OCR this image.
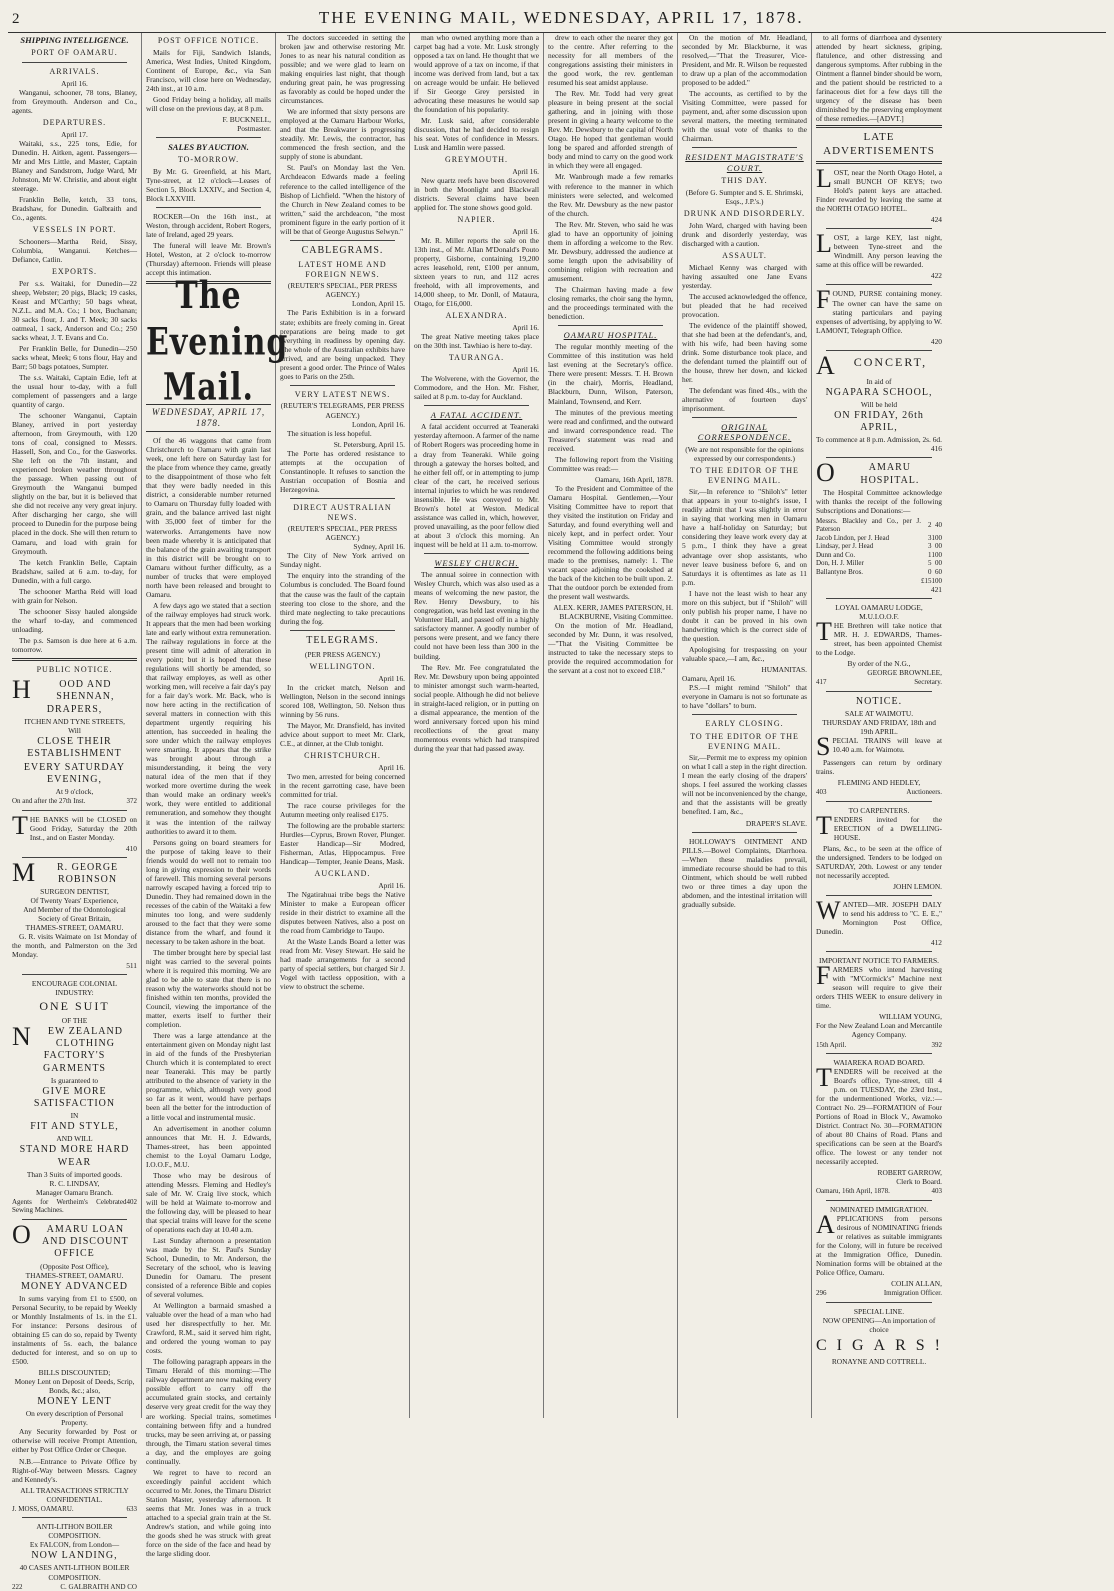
2	THE EVENING MAIL, WEDNESDAY, APRIL 17, 1878.
SHIPPING INTELLIGENCE.
PORT OF OAMARU.
ARRIVALS.
April 16.

Wanganui, schooner, 78 tons, Blaney, from Greymouth. Anderson and Co., agents.

DEPARTURES.
April 17.

Waitaki, s.s., 225 tons, Edie, for Dunedin. H. Aitken, agent. Passengers—Mr and Mrs Little, and Master, Captain Blaney and Sandstrom, Judge Ward, Mr Johnston, Mr W. Christie, and about eight steerage.

Franklin Belle, ketch, 33 tons, Bradshaw, for Dunedin. Galbraith and Co., agents.

VESSELS IN PORT.

Schooners—Martha Reid, Sissy, Columbia, Wanganui. Ketches—Defiance, Catlin.

EXPORTS.

Per s.s. Waitaki, for Dunedin—22 sheep, Webster; 20 pigs, Black; 19 casks, Keast and M'Carthy; 50 bags wheat, N.Z.L. and M.A. Co.; 1 box, Buchanan; 30 sacks flour, J. and T. Meek; 30 sacks oatmeal, 1 sack, Anderson and Co.; 250 sacks wheat, J. T. Evans and Co.

Per Franklin Belle, for Dunedin—250 sacks wheat, Meek; 6 tons flour, Hay and Barr; 50 bags potatoes, Sumpter.

The s.s. Waitaki, Captain Edie, left at the usual hour to-day, with a full complement of passengers and a large quantity of cargo.

The schooner Wanganui, Captain Blaney, arrived in port yesterday afternoon, from Greymouth, with 120 tons of coal, consigned to Messrs. Hassell, Son, and Co., for the Gasworks. She left on the 7th instant, and experienced broken weather throughout the passage. When passing out of Greymouth the Wanganui bumped slightly on the bar, but it is believed that she did not receive any very great injury. After discharging her cargo, she will proceed to Dunedin for the purpose being placed in the dock. She will then return to Oamaru, and load with grain for Greymouth.

The ketch Franklin Belle, Captain Bradshaw, sailed at 6 a.m. to-day, for Dunedin, with a full cargo.

The schooner Martha Reid will load with grain for Nelson.

The schooner Sissy hauled alongside the wharf to-day, and commenced unloading.

The p.s. Samson is due here at 6 a.m. tomorrow.

PUBLIC NOTICE.
H	OOD AND SHENNAN,
DRAPERS,
ITCHEN AND TYNE STREETS,
Will
CLOSE THEIR ESTABLISHMENT
EVERY SATURDAY EVENING,
At 9 o'clock,
On and after the 27th Inst.	372

THE BANKS will be CLOSED on Good Friday, Saturday the 20th Inst., and on Easter Monday.

410
M R. GEORGE ROBINSON
SURGEON DENTIST,
Of Twenty Years' Experience,
And Member of the Odontological Society of Great Britain,
THAMES-STREET, OAMARU.

G. R. visits Waimate on 1st Monday of the month, and Palmerston on the 3rd Monday.

511
ENCOURAGE COLONIAL INDUSTRY:
ONE SUIT
OF THE
N EW ZEALAND CLOTHING FACTORY'S GARMENTS
Is guaranteed to
GIVE MORE SATISFACTION
IN
FIT AND STYLE,
AND WILL
STAND MORE HARD WEAR
Than 3 Suits of imported goods.
R. C. LINDSAY,
Manager Oamaru Branch.
Agents for Wertheim's Celebrated Sewing Machines.
402
O AMARU LOAN AND DISCOUNT OFFICE
(Opposite Post Office),
THAMES-STREET, OAMARU.
MONEY ADVANCED

In sums varying from £1 to £500, on Personal Security, to be repaid by Weekly or Monthly Instalments of 1s. in the £1. For instance: Persons desirous of obtaining £5 can do so, repaid by Twenty instalments of 5s. each, the balance deducted for interest, and so on up to £500.

BILLS DISCOUNTED;
Money Lent on Deposit of Deeds, Scrip, Bonds, &c.; also,
MONEY LENT
On every description of Personal Property.

Any Security forwarded by Post or otherwise will receive Prompt Attention, either by Post Office Order or Cheque.

N.B.—Entrance to Private Office by Right-of-Way between Messrs. Cagney and Kennedy's.

ALL TRANSACTIONS STRICTLY CONFIDENTIAL.
J. MOSS, OAMARU.	633
ANTI-LITHON BOILER COMPOSITION.
Ex FALCON, from London—
NOW LANDING,
40 CASES ANTI-LITHON BOILER COMPOSITION.
222	C. GALBRAITH AND CO
POST OFFICE NOTICE.

Mails for Fiji, Sandwich Islands, America, West Indies, United Kingdom, Continent of Europe, &c., via San Francisco, will close here on Wednesday, 24th inst., at 10 a.m.

Good Friday being a holiday, all mails will close on the previous day, at 8 p.m.

F. BUCKNELL,
Postmaster.
SALES BY AUCTION.
TO-MORROW.

By Mr. G. Greenfield, at his Mart, Tyne-street, at 12 o'clock—Leases of Section 5, Block LXXIV., and Section 4, Block LXXVIII.

ROCKER—On the 16th inst., at Weston, through accident, Robert Rogers, late of Ireland, aged 29 years.

The funeral will leave Mr. Brown's Hotel, Weston, at 2 o'clock to-morrow (Thursday) afternoon. Friends will please accept this intimation.

The Evening Mail.
WEDNESDAY, APRIL 17, 1878.

Of the 46 waggons that came from Christchurch to Oamaru with grain last week, one left here on Saturday last for the place from whence they came, greatly to the disappointment of those who felt that they were badly needed in this district, a considerable number returned to Oamaru on Thursday fully loaded with grain, and the balance arrived last night with 35,000 feet of timber for the waterworks. Arrangements have now been made whereby it is anticipated that the balance of the grain awaiting transport in this district will be brought on to Oamaru without further difficulty, as a number of trucks that were employed north have been released and brought to Oamaru.

A few days ago we stated that a section of the railway employes had struck work. It appears that the men had been working late and early without extra remuneration. The railway regulations in force at the present time will admit of alteration in every point; but it is hoped that these regulations will shortly be amended, so that railway employes, as well as other working men, will receive a fair day's pay for a fair day's work. Mr. Back, who is now here acting in the rectification of several matters in connection with this department urgently requiring his attention, has succeeded in healing the sore under which the railway employes were smarting. It appears that the strike was brought about through a misunderstanding, it being the very natural idea of the men that if they worked more overtime during the week than would make an ordinary week's work, they were entitled to additional remuneration, and somehow they thought it was the intention of the railway authorities to award it to them.

Persons going on board steamers for the purpose of taking leave to their friends would do well not to remain too long in giving expression to their words of farewell. This morning several persons narrowly escaped having a forced trip to Dunedin. They had remained down in the recesses of the cabin of the Waitaki a few minutes too long, and were suddenly aroused to the fact that they were some distance from the wharf, and found it necessary to be taken ashore in the boat.

The timber brought here by special last night was carried to the several points where it is required this morning. We are glad to be able to state that there is no reason why the waterworks should not be finished within ten months, provided the Council, viewing the importance of the matter, exerts itself to further their completion.

There was a large attendance at the entertainment given on Monday night last in aid of the funds of the Presbyterian Church which it is contemplated to erect near Teaneraki. This may be partly attributed to the absence of variety in the programme, which, although very good so far as it went, would have perhaps been all the better for the introduction of a little vocal and instrumental music.

An advertisement in another column announces that Mr. H. J. Edwards, Thames-street, has been appointed chemist to the Loyal Oamaru Lodge, I.O.O.F., M.U.

Those who may be desirous of attending Messrs. Fleming and Hedley's sale of Mr. W. Craig live stock, which will be held at Waimate to-morrow and the following day, will be pleased to hear that special trains will leave for the scene of operations each day at 10.40 a.m.

Last Sunday afternoon a presentation was made by the St. Paul's Sunday School, Dunedin, to Mr. Anderson, the Secretary of the school, who is leaving Dunedin for Oamaru. The present consisted of a reference Bible and copies of several volumes.

At Wellington a barmaid smashed a valuable over the head of a man who had used her disrespectfully to her. Mr. Crawford, R.M., said it served him right, and ordered the young woman to pay costs.

The following paragraph appears in the Timaru Herald of this morning:—The railway department are now making every possible effort to carry off the accumulated grain stocks, and certainly deserve very great credit for the way they are working. Special trains, sometimes containing between fifty and a hundred trucks, may be seen arriving at, or passing through, the Timaru station several times a day, and the employes are going continually.

We regret to have to record an exceedingly painful accident which occurred to Mr. Jones, the Timaru District Station Master, yesterday afternoon. It seems that Mr. Jones was in a truck attached to a special grain train at the St. Andrew's station, and while going into the goods shed he was struck with great force on the side of the face and head by the large sliding door.

The doctors succeeded in setting the broken jaw and otherwise restoring Mr. Jones to as near his natural condition as possible; and we were glad to learn on making enquiries last night, that though enduring great pain, he was progressing as favorably as could be hoped under the circumstances.

We are informed that sixty persons are employed at the Oamaru Harbour Works, and that the Breakwater is progressing steadily. Mr. Lewis, the contractor, has commenced the fresh section, and the supply of stone is abundant.

St. Paul's on Monday last the Ven. Archdeacon Edwards made a feeling reference to the called intelligence of the Bishop of Lichfield. "When the history of the Church in New Zealand comes to be written," said the archdeacon, "the most prominent figure in the early portion of it will be that of George Augustus Selwyn."

CABLEGRAMS.
LATEST HOME AND FOREIGN NEWS.
(REUTER'S SPECIAL, PER PRESS AGENCY.)
London, April 15.

The Paris Exhibition is in a forward state; exhibits are freely coming in. Great preparations are being made to get everything in readiness by opening day. The whole of the Australian exhibits have arrived, and are being unpacked. They present a good order. The Prince of Wales goes to Paris on the 25th.

VERY LATEST NEWS.
(REUTER'S TELEGRAMS, PER PRESS AGENCY.)
London, April 16.

The situation is less hopeful.

St. Petersburg, April 15.

The Porte has ordered resistance to attempts at the occupation of Constantinople. It refuses to sanction the Austrian occupation of Bosnia and Herzegovina.

DIRECT AUSTRALIAN NEWS.
(REUTER'S SPECIAL, PER PRESS AGENCY.)
Sydney, April 16.

The City of New York arrived on Sunday night.

The enquiry into the stranding of the Columbus is concluded. The Board found that the cause was the fault of the captain steering too close to the shore, and the third mate neglecting to take precautions during the fog.

TELEGRAMS.
(PER PRESS AGENCY.)
WELLINGTON.
April 16.

In the cricket match, Nelson and Wellington, Nelson in the second innings scored 108, Wellington, 50. Nelson thus winning by 56 runs.

The Mayor, Mr. Dransfield, has invited advice about support to meet Mr. Clark, C.E., at dinner, at the Club tonight.

CHRISTCHURCH.
April 16.

Two men, arrested for being concerned in the recent garrotting case, have been committed for trial.

The race course privileges for the Autumn meeting only realised £175.

The following are the probable starters: Hurdles—Cyprus, Brown Rover, Plunger. Easter Handicap—Sir Modred, Fisherman, Atlas, Hippocampus. Free Handicap—Tempter, Jeanie Deans, Mask.

AUCKLAND.
April 16.

The Ngatirahuai tribe begs the Native Minister to make a European officer reside in their district to examine all the disputes between Natives, also a post on the road from Cambridge to Taupo.

At the Waste Lands Board a letter was read from Mr. Vesey Stewart. He said he had made arrangements for a second party of special settlers, but charged Sir J. Vogel with tactless opposition, with a view to obstruct the scheme.

man who owned anything more than a carpet bag had a vote. Mr. Lusk strongly opposed a tax on land. He thought that we would approve of a tax on income, if that income was derived from land, but a tax on acreage would be unfair. He believed if Sir George Grey persisted in advocating these measures he would sap the foundation of his popularity.

Mr. Lusk said, after considerable discussion, that he had decided to resign his seat. Votes of confidence in Messrs. Lusk and Hamlin were passed.

GREYMOUTH.
April 16.

New quartz reefs have been discovered in both the Moonlight and Blackwall districts. Several claims have been applied for. The stone shows good gold.

NAPIER.
April 16.

Mr. R. Miller reports the sale on the 13th inst., of Mr. Allan M'Donald's Pouto property, Gisborne, containing 19,200 acres leasehold, rent, £100 per annum, sixteen years to run, and 112 acres freehold, with all improvements, and 14,000 sheep, to Mr. Donll, of Mataura, Otago, for £16,000.

ALEXANDRA.
April 16.

The great Native meeting takes place on the 30th inst. Tawhiao is here to-day.

TAURANGA.
April 16.

The Wolverene, with the Governor, the Commodore, and the Hon. Mr. Fisher, sailed at 8 p.m. to-day for Auckland.

A FATAL ACCIDENT.

A fatal accident occurred at Teaneraki yesterday afternoon. A farmer of the name of Robert Rogers was proceeding home in a dray from Teaneraki. While going through a gateway the horses bolted, and he either fell off, or in attempting to jump clear of the cart, he received serious internal injuries to which he was rendered insensible. He was conveyed to Mr. Brown's hotel at Weston. Medical assistance was called in, which, however, proved unavailing, as the poor fellow died at about 3 o'clock this morning. An inquest will be held at 11 a.m. to-morrow.

WESLEY CHURCH.

The annual soiree in connection with Wesley Church, which was also used as a means of welcoming the new pastor, the Rev. Henry Dewsbury, to his congregation, was held last evening in the Volunteer Hall, and passed off in a highly satisfactory manner. A goodly number of persons were present, and we fancy there could not have been less than 300 in the building.

The Rev. Mr. Fee congratulated the Rev. Mr. Dewsbury upon being appointed to minister amongst such warm-hearted, social people. Although he did not believe in straight-laced religion, or in putting on a dismal appearance, the mention of the word anniversary forced upon his mind recollections of the great many momentous events which had transpired during the year that had passed away.

drew to each other the nearer they got to the centre. After referring to the necessity for all members of the congregations assisting their ministers in the good work, the rev. gentleman resumed his seat amidst applause.

The Rev. Mr. Todd had very great pleasure in being present at the social gathering, and in joining with those present in giving a hearty welcome to the Rev. Mr. Dewsbury to the capital of North Otago. He hoped that gentleman would long be spared and afforded strength of body and mind to carry on the good work in which they were all engaged.

Mr. Wanbrough made a few remarks with reference to the manner in which ministers were selected, and welcomed the Rev. Mr. Dewsbury as the new pastor of the church.

The Rev. Mr. Steven, who said he was glad to have an opportunity of joining them in affording a welcome to the Rev. Mr. Dewsbury, addressed the audience at some length upon the advisability of combining religion with recreation and amusement.

The Chairman having made a few closing remarks, the choir sang the hymn, and the proceedings terminated with the benediction.

OAMARU HOSPITAL.

The regular monthly meeting of the Committee of this institution was held last evening at the Secretary's office. There were present: Messrs. T. H. Brown (in the chair), Morris, Headland, Blackburn, Dunn, Wilson, Paterson, Mainland, Townsend, and Kerr.

The minutes of the previous meeting were read and confirmed, and the outward and inward correspondence read. The Treasurer's statement was read and received.

The following report from the Visiting Committee was read:—

Oamaru, 16th April, 1878.

To the President and Committee of the Oamaru Hospital. Gentlemen,—Your Visiting Committee have to report that they visited the institution on Friday and Saturday, and found everything well and nicely kept, and in perfect order. Your Visiting Committee would strongly recommend the following additions being made to the premises, namely: 1. The vacant space adjoining the cookshed at the back of the kitchen to be built upon. 2. That the outdoor porch be extended from the present wall westwards.

ALEX. KERR, JAMES PATERSON, H. BLACKBURNE, Visiting Committee.

On the motion of Mr. Headland, seconded by Mr. Dunn, it was resolved,—"That the Visiting Committee be instructed to take the necessary steps to provide the required accommodation for the servant at a cost not to exceed £18."

On the motion of Mr. Headland, seconded by Mr. Blackburne, it was resolved,—"That the Treasurer, Vice-President, and Mr. R. Wilson be requested to draw up a plan of the accommodation proposed to be added."

The accounts, as certified to by the Visiting Committee, were passed for payment, and, after some discussion upon several matters, the meeting terminated with the usual vote of thanks to the Chairman.

RESIDENT MAGISTRATE'S COURT.
THIS DAY.
(Before G. Sumpter and S. E. Shrimski, Esqs., J.P.'s.)
DRUNK AND DISORDERLY.

John Ward, charged with having been drunk and disorderly yesterday, was discharged with a caution.

ASSAULT.

Michael Kenny was charged with having assaulted one Jane Evans yesterday.

The accused acknowledged the offence, but pleaded that he had received provocation.

The evidence of the plaintiff showed, that she had been at the defendant's, and, with his wife, had been having some drink. Some disturbance took place, and the defendant turned the plaintiff out of the house, threw her down, and kicked her.

The defendant was fined 40s., with the alternative of fourteen days' imprisonment.

ORIGINAL CORRESPONDENCE.
(We are not responsible for the opinions expressed by our correspondents.)
TO THE EDITOR OF THE EVENING MAIL.

Sir,—In reference to "Shiloh's" letter that appears in your to-night's issue, I readily admit that I was slightly in error in saying that working men in Oamaru have a half-holiday on Saturday; but considering they leave work every day at 5 p.m., I think they have a great advantage over shop assistants, who never leave business before 6, and on Saturdays it is oftentimes as late as 11 p.m.

I have not the least wish to hear any more on this subject, but if "Shiloh" will only publish his proper name, I have no doubt it can be proved in his own handwriting which is the correct side of the question.

Apologising for trespassing on your valuable space,—I am, &c.,

HUMANITAS.
Oamaru, April 16.

P.S.—I might remind "Shiloh" that everyone in Oamaru is not so fortunate as to have "dollars" to burn.

EARLY CLOSING.
TO THE EDITOR OF THE EVENING MAIL.

Sir,—Permit me to express my opinion on what I call a step in the right direction. I mean the early closing of the drapers' shops. I feel assured the working classes will not be inconvenienced by the change, and that the assistants will be greatly benefited. I am, &c.,

DRAPER'S SLAVE.

HOLLOWAY'S OINTMENT AND PILLS.—Bowel Complaints, Diarrhoea.—When these maladies prevail, immediate recourse should be had to this Ointment, which should be well rubbed two or three times a day upon the abdomen, and the intestinal irritation will gradually subside.

to all forms of diarrhoea and dysentery attended by heart sickness, griping, flatulence, and other distressing and dangerous symptoms. After rubbing in the Ointment a flannel binder should be worn, and the patient should be restricted to a farinaceous diet for a few days till the urgency of the disease has been diminished by the preserving employment of these remedies.—[ADVT.]

LATE ADVERTISEMENTS

LOST, near the North Otago Hotel, a small BUNCH OF KEYS; two Hold's patent keys are attached. Finder rewarded by leaving the same at the NORTH OTAGO HOTEL.

424

LOST, a large KEY, last night, between Tyne-street and the Windmill. Any person leaving the same at this office will be rewarded.

422

FOUND, PURSE containing money. The owner can have the same on stating particulars and paying expenses of advertising, by applying to W. LAMONT, Telegraph Office.

420
A CONCERT,
In aid of
NGAPARA SCHOOL,
Will be held
ON FRIDAY, 26th APRIL,
To commence at 8 p.m. Admission, 2s. 6d.
416
O	AMARU HOSPITAL.

The Hospital Committee acknowledge with thanks the receipt of the following Subscriptions and Donations:—

Messrs. Blackley and Co., per J. Paterson	2	4	0
Jacob Lindon, per J. Head	3	10	0
Lindsay, per J. Head	3	0	0
Dunn and Co.	1	10	0
Don, H. J. Miller	5	0	0
Ballantyne Bros.	0	6	0
	£15	10	0
421
LOYAL OAMARU LODGE, M.U.I.O.O.F.

THE Brethren will take notice that MR. H. J. EDWARDS, Thames-street, has been appointed Chemist to the Lodge.

By order of the N.G.,
GEORGE BROWNLEE,
417	Secretary.
NOTICE.
SALE AT WAIMOTU.
THURSDAY AND FRIDAY, 18th and 19th APRIL.

SPECIAL TRAINS will leave at 10.40 a.m. for Waimotu.

Passengers can return by ordinary trains.

FLEMING AND HEDLEY,
403	Auctioneers.
TO CARPENTERS.

TENDERS invited for the ERECTION of a DWELLING-HOUSE.

Plans, &c., to be seen at the office of the undersigned. Tenders to be lodged on SATURDAY, 20th. Lowest or any tender not necessarily accepted.

JOHN LEMON.

WANTED—MR. JOSEPH DALY to send his address to "C. E. E.," Mornington Post Office, Dunedin.

412
IMPORTANT NOTICE TO FARMERS.

FARMERS who intend harvesting with "M'Cormick's" Machine next season will require to give their orders THIS WEEK to ensure delivery in time.

WILLIAM YOUNG,
For the New Zealand Loan and Mercantile Agency Company.
15th April.	392
WAIAREKA ROAD BOARD.

TENDERS will be received at the Board's office, Tyne-street, till 4 p.m. on TUESDAY, the 23rd Inst., for the undermentioned Works, viz.:—Contract No. 29—FORMATION of Four Portions of Road in Block V., Awamoko District. Contract No. 30—FORMATION of about 80 Chains of Road. Plans and specifications can be seen at the Board's office. The lowest or any tender not necessarily accepted.

ROBERT GARROW,
Clerk to Board.
Oamaru, 16th April, 1878.	403
NOMINATED IMMIGRATION.

APPLICATIONS from persons desirous of NOMINATING friends or relatives as suitable immigrants for the Colony, will in future be received at the Immigration Office, Dunedin. Nomination forms will be obtained at the Police Office, Oamaru.

COLIN ALLAN,
296	Immigration Officer.
SPECIAL LINE.
NOW OPENING—An importation of choice
CIGARS!
RONAYNE AND COTTRELL.
